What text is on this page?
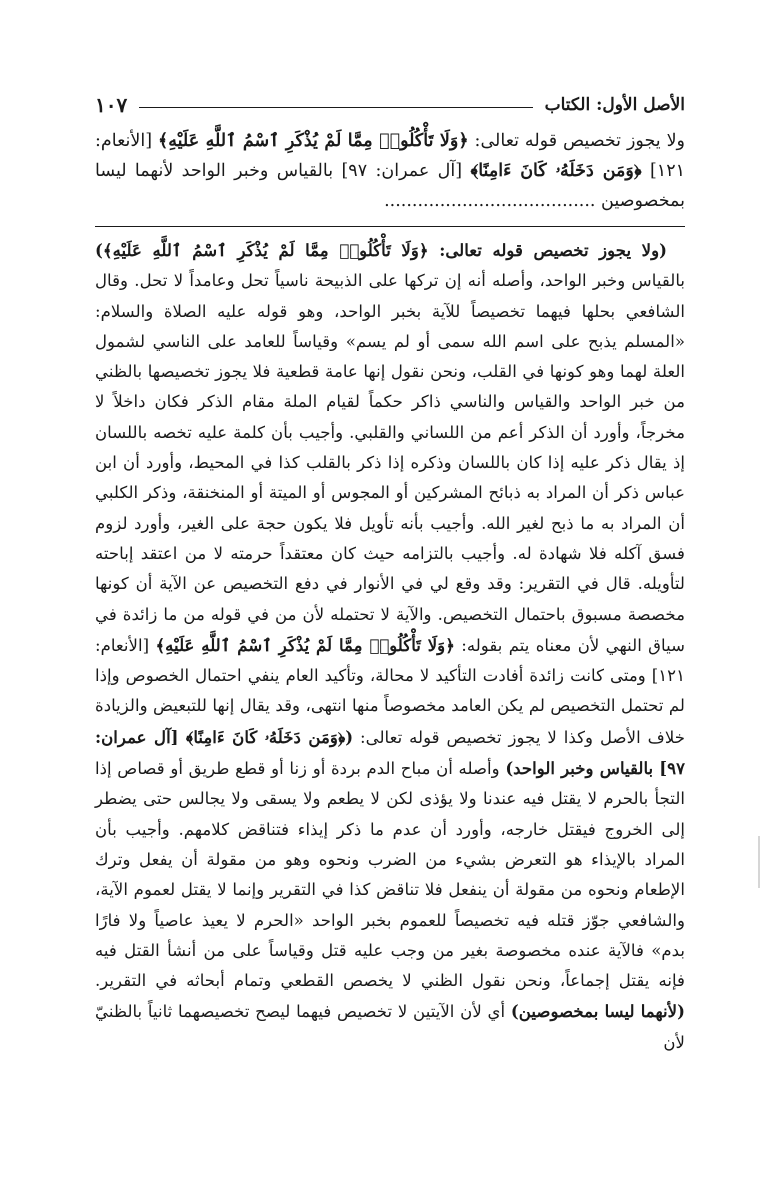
الأصل الأول: الكتاب
١٠٧

ولا يجوز تخصيص قوله تعالى: ﴿وَلَا تَأْكُلُوا۟ مِمَّا لَمْ يُذْكَرِ ٱسْمُ ٱللَّهِ عَلَيْهِ﴾ [الأنعام: ١٢١] ﴿وَمَن دَخَلَهُۥ كَانَ ءَامِنًا﴾ [آل عمران: ٩٧] بالقياس وخبر الواحد لأنهما ليسا بمخصوصين ......................................

(ولا يجوز تخصيص قوله تعالى: ﴿وَلَا تَأْكُلُوا۟ مِمَّا لَمْ يُذْكَرِ ٱسْمُ ٱللَّهِ عَلَيْهِ﴾) بالقياس وخبر الواحد، وأصله أنه إن تركها على الذبيحة ناسياً تحل وعامداً لا تحل. وقال الشافعي بحلها فيهما تخصيصاً للآية بخبر الواحد، وهو قوله عليه الصلاة والسلام: «المسلم يذبح على اسم الله سمى أو لم يسم» وقياساً للعامد على الناسي لشمول العلة لهما وهو كونها في القلب، ونحن نقول إنها عامة قطعية فلا يجوز تخصيصها بالظني من خبر الواحد والقياس والناسي ذاكر حكماً لقيام الملة مقام الذكر فكان داخلاً لا مخرجاً، وأورد أن الذكر أعم من اللساني والقلبي. وأجيب بأن كلمة عليه تخصه باللسان إذ يقال ذكر عليه إذا كان باللسان وذكره إذا ذكر بالقلب كذا في المحيط، وأورد أن ابن عباس ذكر أن المراد به ذبائح المشركين أو المجوس أو الميتة أو المنخنقة، وذكر الكلبي أن المراد به ما ذبح لغير الله. وأجيب بأنه تأويل فلا يكون حجة على الغير، وأورد لزوم فسق آكله فلا شهادة له. وأجيب بالتزامه حيث كان معتقداً حرمته لا من اعتقد إباحته لتأويله. قال في التقرير: وقد وقع لي في الأنوار في دفع التخصيص عن الآية أن كونها مخصصة مسبوق باحتمال التخصيص. والآية لا تحتمله لأن من في قوله من ما زائدة في سياق النهي لأن معناه يتم بقوله: ﴿وَلَا تَأْكُلُوا۟ مِمَّا لَمْ يُذْكَرِ ٱسْمُ ٱللَّهِ عَلَيْهِ﴾ [الأنعام: ١٢١] ومتى كانت زائدة أفادت التأكيد لا محالة، وتأكيد العام ينفي احتمال الخصوص وإذا لم تحتمل التخصيص لم يكن العامد مخصوصاً منها انتهى، وقد يقال إنها للتبعيض والزيادة خلاف الأصل وكذا لا يجوز تخصيص قوله تعالى: (﴿وَمَن دَخَلَهُۥ كَانَ ءَامِنًا﴾ [آل عمران: ٩٧] بالقياس وخبر الواحد) وأصله أن مباح الدم بردة أو زنا أو قطع طريق أو قصاص إذا التجأ بالحرم لا يقتل فيه عندنا ولا يؤذى لكن لا يطعم ولا يسقى ولا يجالس حتى يضطر إلى الخروج فيقتل خارجه، وأورد أن عدم ما ذكر إيذاء فتناقض كلامهم. وأجيب بأن المراد بالإيذاء هو التعرض بشيء من الضرب ونحوه وهو من مقولة أن يفعل وترك الإطعام ونحوه من مقولة أن ينفعل فلا تناقض كذا في التقرير وإنما لا يقتل لعموم الآية، والشافعي جوّز قتله فيه تخصيصاً للعموم بخبر الواحد «الحرم لا يعيذ عاصياً ولا فارًا بدم» فالآية عنده مخصوصة بغير من وجب عليه قتل وقياساً على من أنشأ القتل فيه فإنه يقتل إجماعاً، ونحن نقول الظني لا يخصص القطعي وتمام أبحاثه في التقرير. (لأنهما ليسا بمخصوصين) أي لأن الآيتين لا تخصيص فيهما ليصح تخصيصهما ثانياً بالظنيّ لأن
